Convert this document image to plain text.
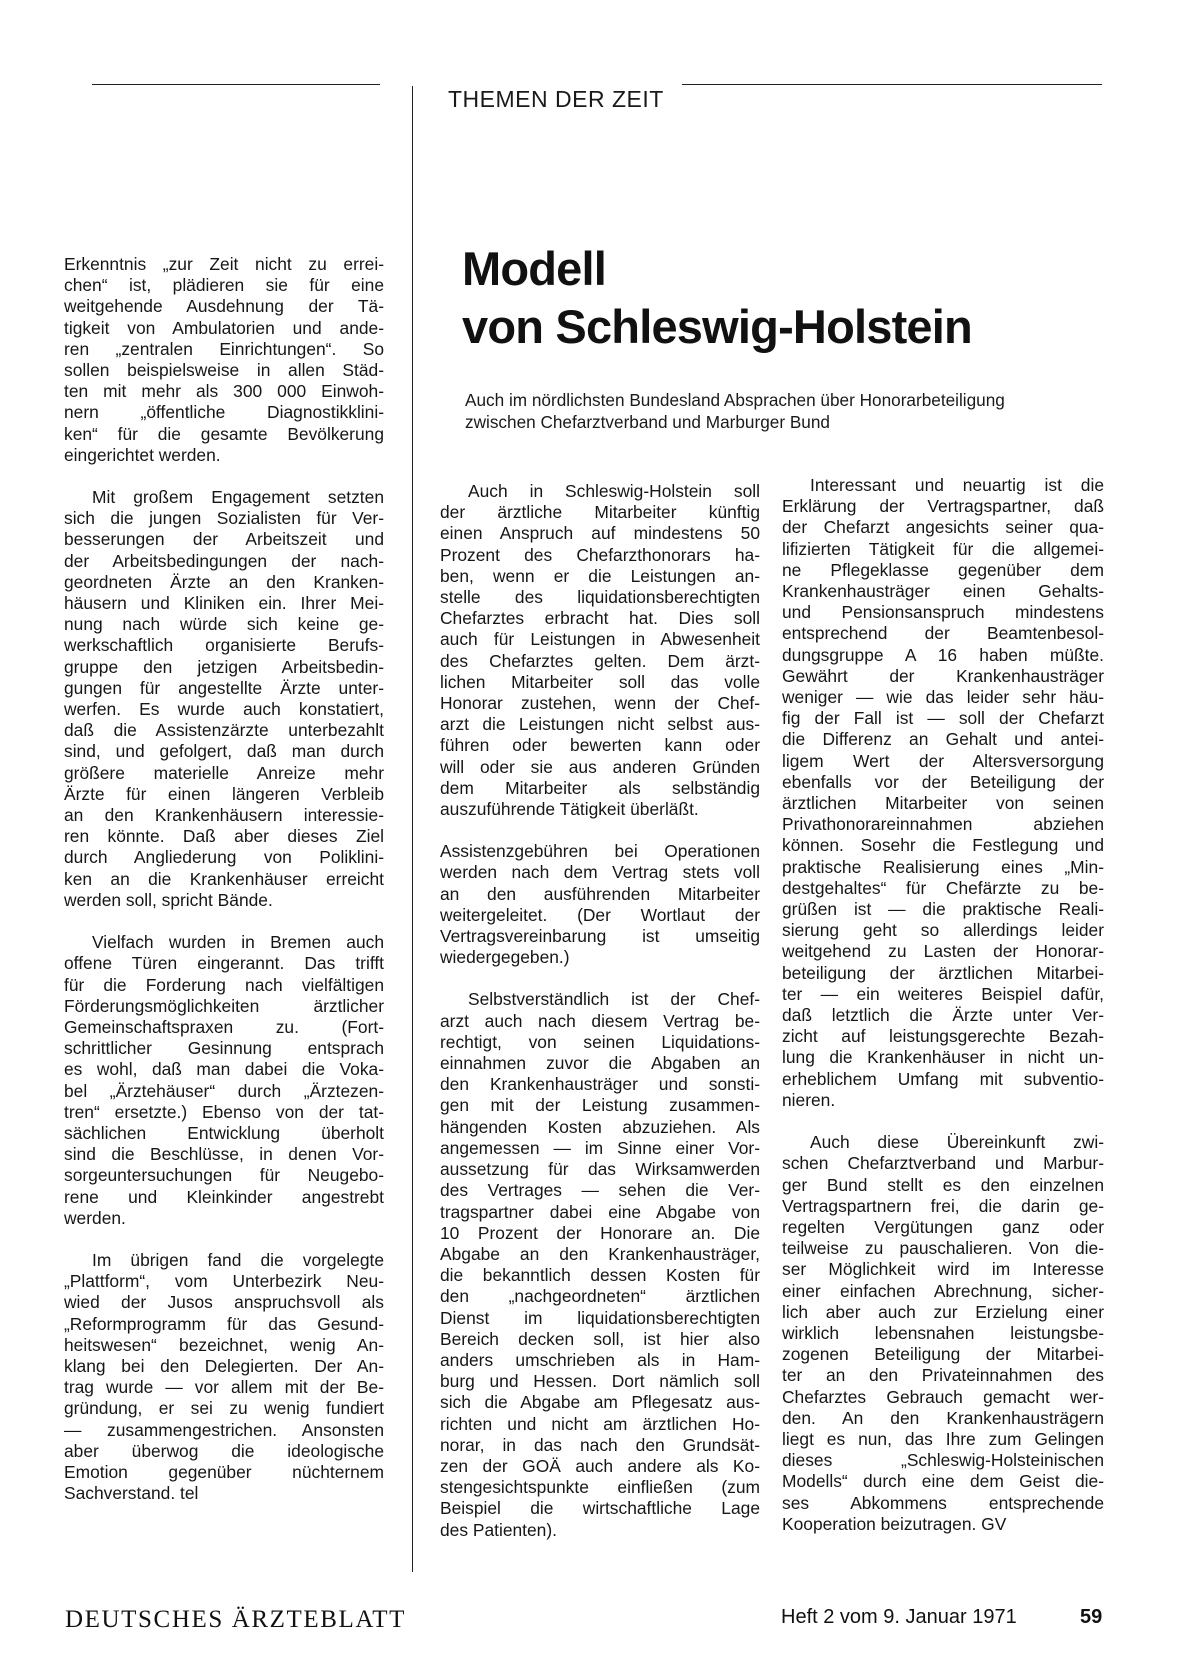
THEMEN DER ZEIT
Modell
von Schleswig-Holstein
Auch im nördlichsten Bundesland Absprachen über Honorarbeteiligung
zwischen Chefarztverband und Marburger Bund
Erkenntnis „zur Zeit nicht zu errei-
chen“ ist, plädieren sie für eine
weitgehende Ausdehnung der Tä-
tigkeit von Ambulatorien und ande-
ren „zentralen Einrichtungen“. So
sollen beispielsweise in allen Städ-
ten mit mehr als 300 000 Einwoh-
nern „öffentliche Diagnostikklini-
ken“ für die gesamte Bevölkerung
eingerichtet werden.
Mit großem Engagement setzten
sich die jungen Sozialisten für Ver-
besserungen der Arbeitszeit und
der Arbeitsbedingungen der nach-
geordneten Ärzte an den Kranken-
häusern und Kliniken ein. Ihrer Mei-
nung nach würde sich keine ge-
werkschaftlich organisierte Berufs-
gruppe den jetzigen Arbeitsbedin-
gungen für angestellte Ärzte unter-
werfen. Es wurde auch konstatiert,
daß die Assistenzärzte unterbezahlt
sind, und gefolgert, daß man durch
größere materielle Anreize mehr
Ärzte für einen längeren Verbleib
an den Krankenhäusern interessie-
ren könnte. Daß aber dieses Ziel
durch Angliederung von Poliklini-
ken an die Krankenhäuser erreicht
werden soll, spricht Bände.
Vielfach wurden in Bremen auch
offene Türen eingerannt. Das trifft
für die Forderung nach vielfältigen
Förderungsmöglichkeiten ärztlicher
Gemeinschaftspraxen zu. (Fort-
schrittlicher Gesinnung entsprach
es wohl, daß man dabei die Voka-
bel „Ärztehäuser“ durch „Ärztezen-
tren“ ersetzte.) Ebenso von der tat-
sächlichen Entwicklung überholt
sind die Beschlüsse, in denen Vor-
sorgeuntersuchungen für Neugebo-
rene und Kleinkinder angestrebt
werden.
Im übrigen fand die vorgelegte
„Plattform“, vom Unterbezirk Neu-
wied der Jusos anspruchsvoll als
„Reformprogramm für das Gesund-
heitswesen“ bezeichnet, wenig An-
klang bei den Delegierten. Der An-
trag wurde — vor allem mit der Be-
gründung, er sei zu wenig fundiert
— zusammengestrichen. Ansonsten
aber überwog die ideologische
Emotion gegenüber nüchternem
Sachverstand. tel
Auch in Schleswig-Holstein soll
der ärztliche Mitarbeiter künftig
einen Anspruch auf mindestens 50
Prozent des Chefarzthonorars ha-
ben, wenn er die Leistungen an-
stelle des liquidationsberechtigten
Chefarztes erbracht hat. Dies soll
auch für Leistungen in Abwesenheit
des Chefarztes gelten. Dem ärzt-
lichen Mitarbeiter soll das volle
Honorar zustehen, wenn der Chef-
arzt die Leistungen nicht selbst aus-
führen oder bewerten kann oder
will oder sie aus anderen Gründen
dem Mitarbeiter als selbständig
auszuführende Tätigkeit überläßt.
Assistenzgebühren bei Operationen
werden nach dem Vertrag stets voll
an den ausführenden Mitarbeiter
weitergeleitet. (Der Wortlaut der
Vertragsvereinbarung ist umseitig
wiedergegeben.)
Selbstverständlich ist der Chef-
arzt auch nach diesem Vertrag be-
rechtigt, von seinen Liquidations-
einnahmen zuvor die Abgaben an
den Krankenhausträger und sonsti-
gen mit der Leistung zusammen-
hängenden Kosten abzuziehen. Als
angemessen — im Sinne einer Vor-
aussetzung für das Wirksamwerden
des Vertrages — sehen die Ver-
tragspartner dabei eine Abgabe von
10 Prozent der Honorare an. Die
Abgabe an den Krankenhausträger,
die bekanntlich dessen Kosten für
den „nachgeordneten“ ärztlichen
Dienst im liquidationsberechtigten
Bereich decken soll, ist hier also
anders umschrieben als in Ham-
burg und Hessen. Dort nämlich soll
sich die Abgabe am Pflegesatz aus-
richten und nicht am ärztlichen Ho-
norar, in das nach den Grundsät-
zen der GOÄ auch andere als Ko-
stengesichtspunkte einfließen (zum
Beispiel die wirtschaftliche Lage
des Patienten).
Interessant und neuartig ist die
Erklärung der Vertragspartner, daß
der Chefarzt angesichts seiner qua-
lifizierten Tätigkeit für die allgemei-
ne Pflegeklasse gegenüber dem
Krankenhausträger einen Gehalts-
und Pensionsanspruch mindestens
entsprechend der Beamtenbesol-
dungsgruppe A 16 haben müßte.
Gewährt der Krankenhausträger
weniger — wie das leider sehr häu-
fig der Fall ist — soll der Chefarzt
die Differenz an Gehalt und antei-
ligem Wert der Altersversorgung
ebenfalls vor der Beteiligung der
ärztlichen Mitarbeiter von seinen
Privathonorareinnahmen abziehen
können. Sosehr die Festlegung und
praktische Realisierung eines „Min-
destgehaltes“ für Chefärzte zu be-
grüßen ist — die praktische Reali-
sierung geht so allerdings leider
weitgehend zu Lasten der Honorar-
beteiligung der ärztlichen Mitarbei-
ter — ein weiteres Beispiel dafür,
daß letztlich die Ärzte unter Ver-
zicht auf leistungsgerechte Bezah-
lung die Krankenhäuser in nicht un-
erheblichem Umfang mit subventio-
nieren.
Auch diese Übereinkunft zwi-
schen Chefarztverband und Marbur-
ger Bund stellt es den einzelnen
Vertragspartnern frei, die darin ge-
regelten Vergütungen ganz oder
teilweise zu pauschalieren. Von die-
ser Möglichkeit wird im Interesse
einer einfachen Abrechnung, sicher-
lich aber auch zur Erzielung einer
wirklich lebensnahen leistungsbe-
zogenen Beteiligung der Mitarbei-
ter an den Privateinnahmen des
Chefarztes Gebrauch gemacht wer-
den. An den Krankenhausträgern
liegt es nun, das Ihre zum Gelingen
dieses „Schleswig-Holsteinischen
Modells“ durch eine dem Geist die-
ses Abkommens entsprechende
Kooperation beizutragen. GV
DEUTSCHES ÄRZTEBLATT	Heft 2 vom 9. Januar 1971	59
